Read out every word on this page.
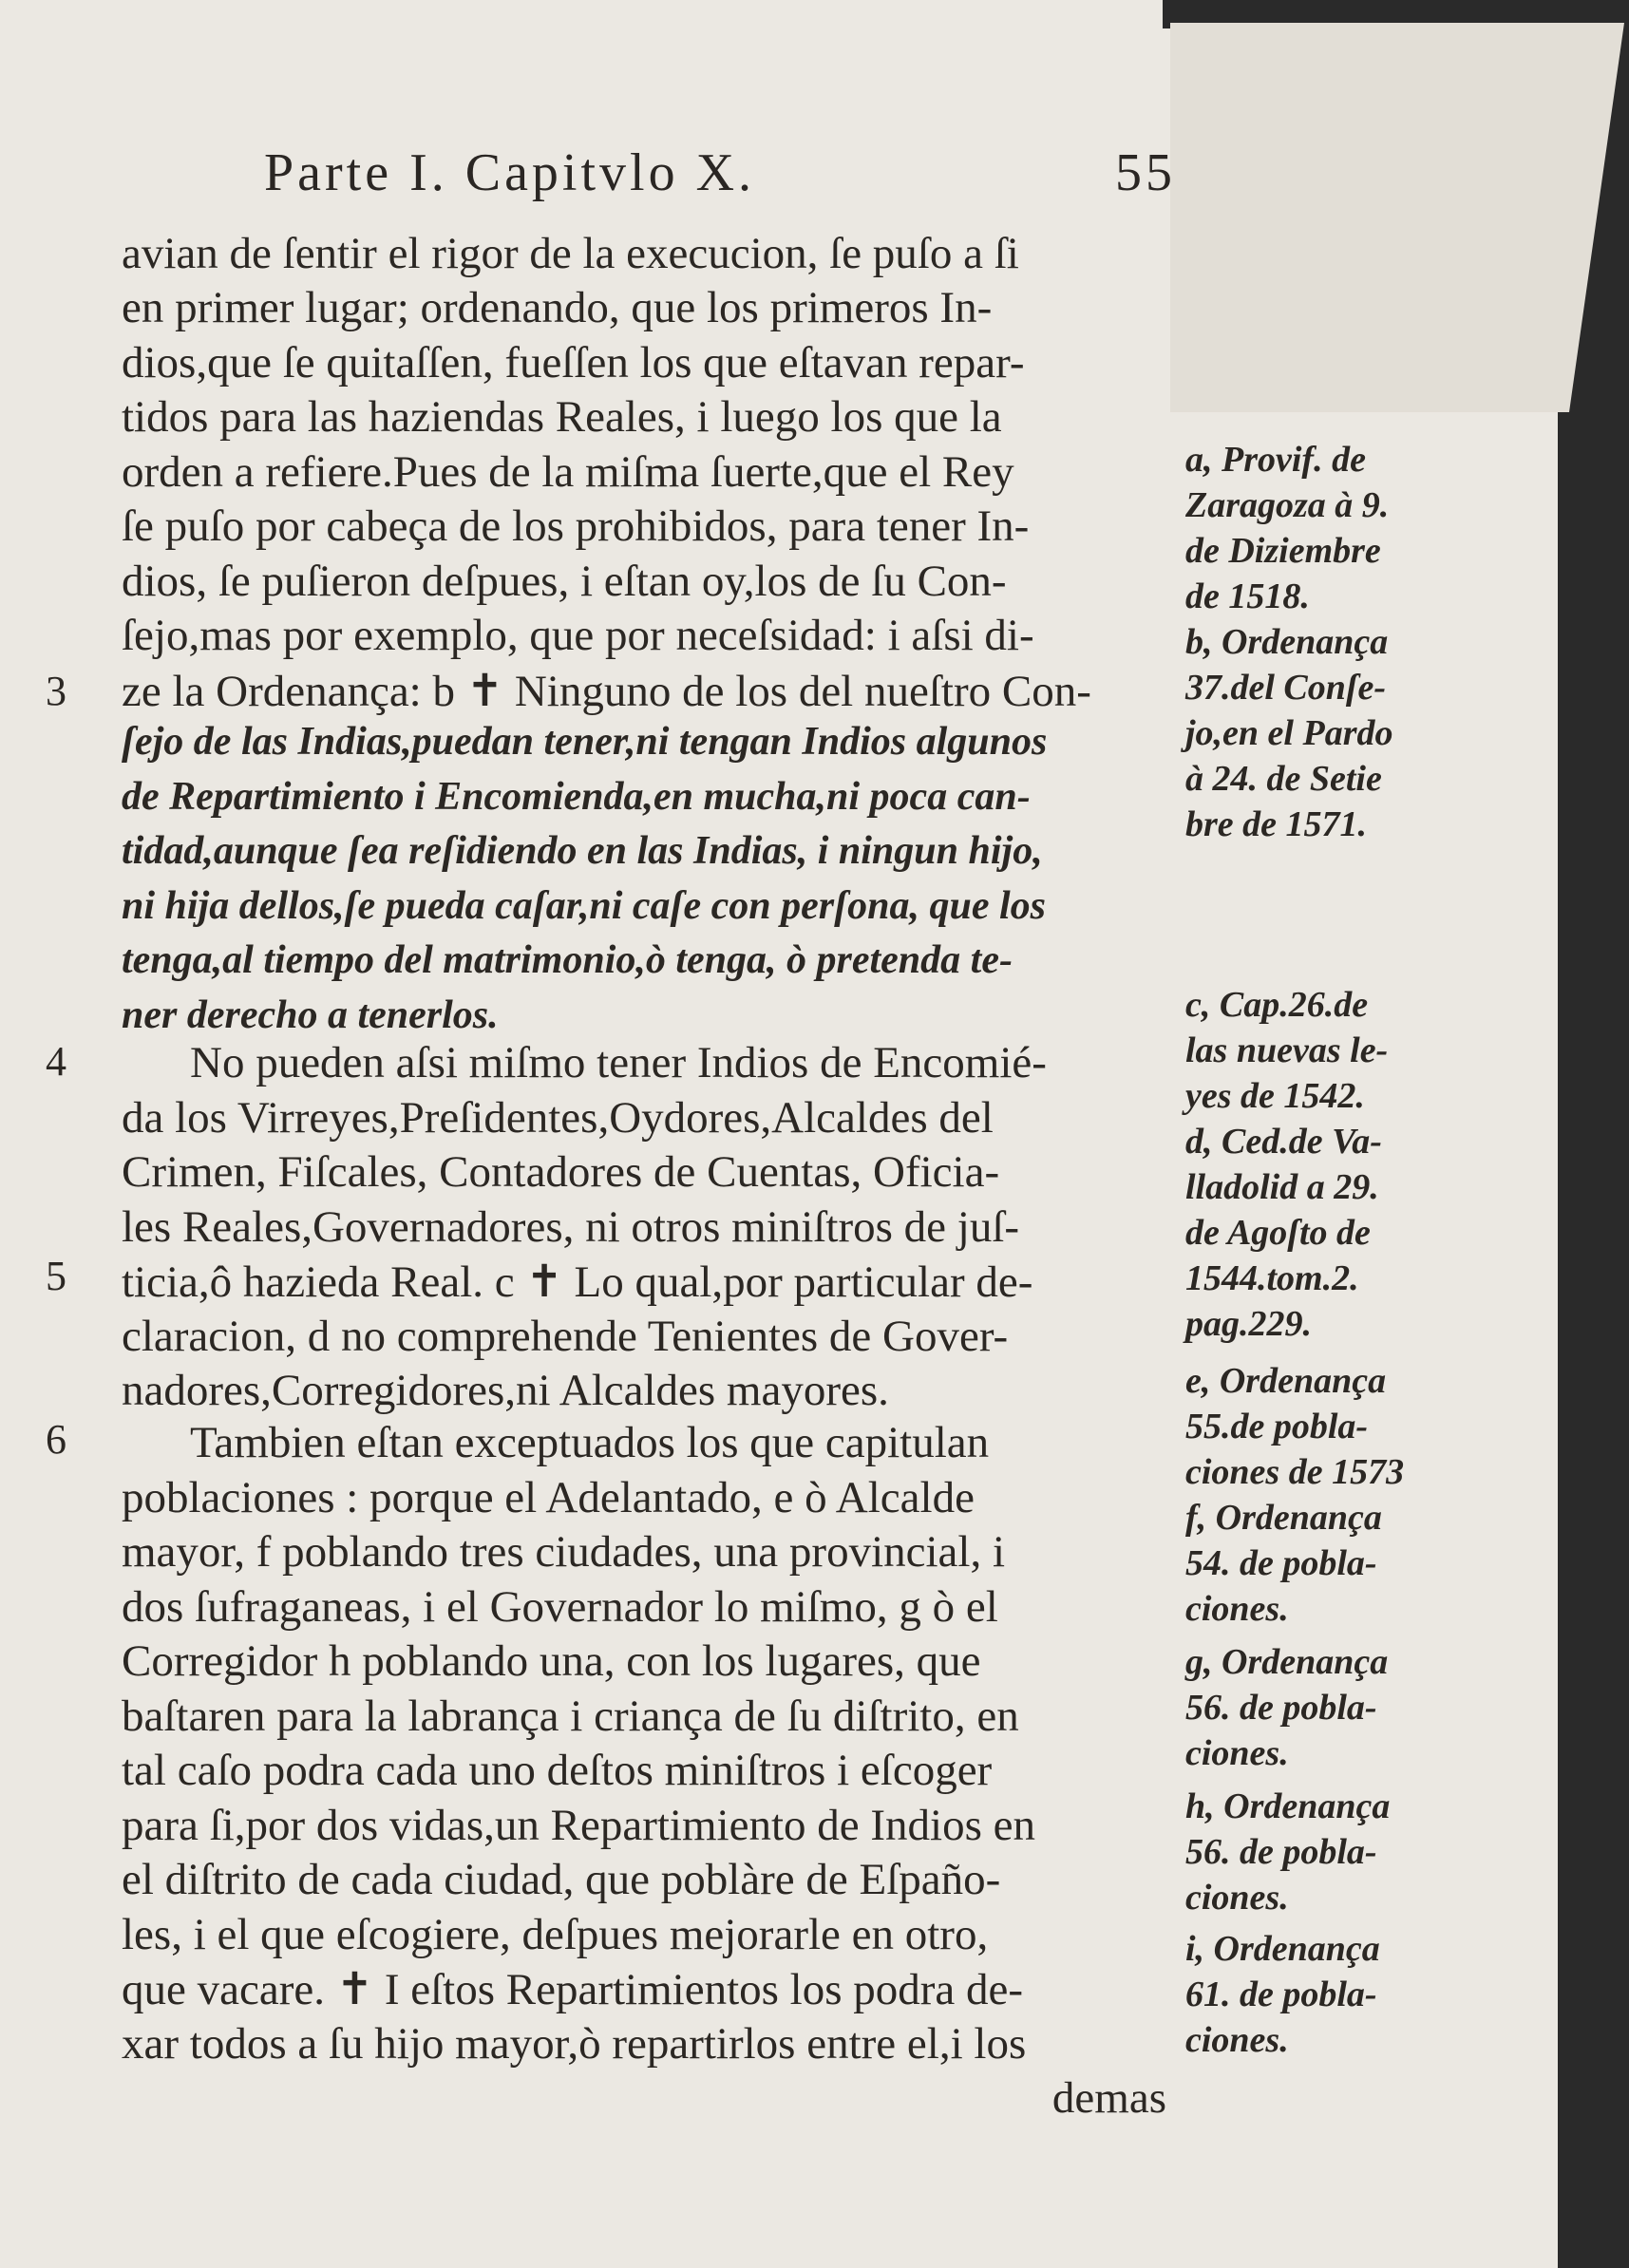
Parte I. Capitvlo X.	55
3
4
5
6
avian de ſentir el rigor de la execucion, ſe puſo a ſi
en primer lugar; ordenando, que los primeros In-
dios,que ſe quitaſſen, fueſſen los que eſtavan repar-
tidos para las haziendas Reales, i luego los que la
orden a refiere.Pues de la miſma ſuerte,que el Rey
ſe puſo por cabeça de los prohibidos, para tener In-
dios, ſe puſieron deſpues, i eſtan oy,los de ſu Con-
ſejo,mas por exemplo, que por neceſsidad: i aſsi di-
ze la Ordenança: b ✝ Ninguno de los del nueſtro Con-
ſejo de las Indias,puedan tener,ni tengan Indios algunos
de Repartimiento i Encomienda,en mucha,ni poca can-
tidad,aunque ſea reſidiendo en las Indias, i ningun hijo,
ni hija dellos,ſe pueda caſar,ni caſe con perſona, que los
tenga,al tiempo del matrimonio,ò tenga, ò pretenda te-
ner derecho a tenerlos.
No pueden aſsi miſmo tener Indios de Encomié-
da los Virreyes,Preſidentes,Oydores,Alcaldes del
Crimen, Fiſcales, Contadores de Cuentas, Oficia-
les Reales,Governadores, ni otros miniſtros de juſ-
ticia,ô hazieda Real. c ✝ Lo qual,por particular de-
claracion, d no comprehende Tenientes de Gover-
nadores,Corregidores,ni Alcaldes mayores.
Tambien eſtan exceptuados los que capitulan
poblaciones : porque el Adelantado, e ò Alcalde
mayor, f poblando tres ciudades, una provincial, i
dos ſufraganeas, i el Governador lo miſmo, g ò el
Corregidor h poblando una, con los lugares, que
baſtaren para la labrança i criança de ſu diſtrito, en
tal caſo podra cada uno deſtos miniſtros i eſcoger
para ſi,por dos vidas,un Repartimiento de Indios en
el diſtrito de cada ciudad, que poblàre de Eſpaño-
les, i el que eſcogiere, deſpues mejorarle en otro,
que vacare. ✝ I eſtos Repartimientos los podra de-
xar todos a ſu hijo mayor,ò repartirlos entre el,i los
demas
a, Provif. de
Zaragoza à 9.
de Diziembre
de 1518.
b, Ordenança
37.del Conſe-
jo,en el Pardo
à 24. de Setie
bre de 1571.
c, Cap.26.de
las nuevas le-
yes de 1542.
d, Ced.de Va-
lladolid a 29.
de Agoſto de
1544.tom.2.
pag.229.
e, Ordenança
55.de pobla-
ciones de 1573
f, Ordenança
54. de pobla-
ciones.
g, Ordenança
56. de pobla-
ciones.
h, Ordenança
56. de pobla-
ciones.
i, Ordenança
61. de pobla-
ciones.
